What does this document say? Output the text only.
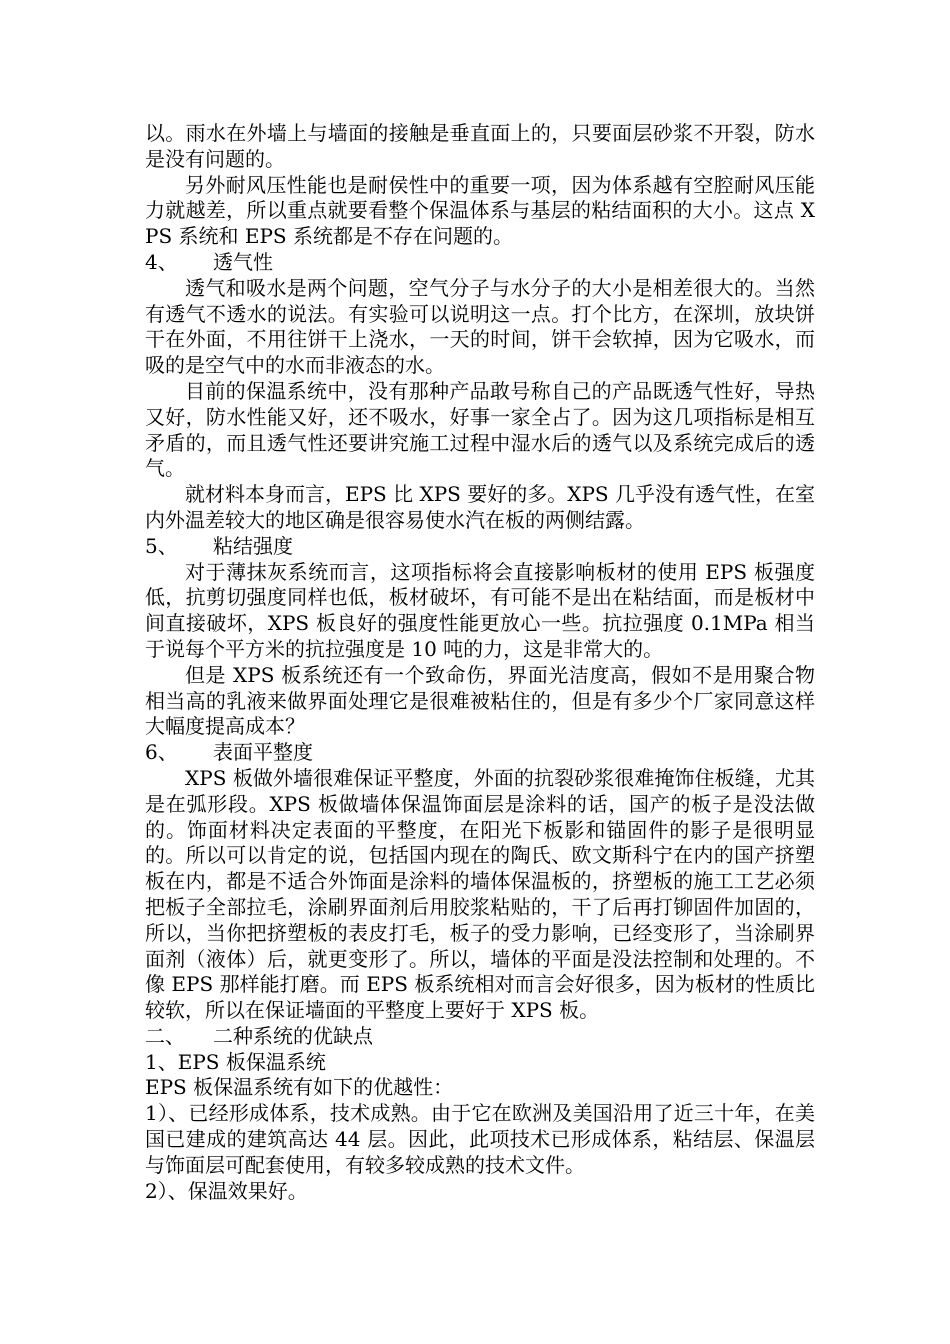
以。雨水在外墙上与墙面的接触是垂直面上的，只要面层砂浆不开裂，防水是没有问题的。

另外耐风压性能也是耐侯性中的重要一项，因为体系越有空腔耐风压能力就越差，所以重点就要看整个保温体系与基层的粘结面积的大小。这点 XPS 系统和 EPS 系统都是不存在问题的。

4、 透气性

透气和吸水是两个问题，空气分子与水分子的大小是相差很大的。当然有透气不透水的说法。有实验可以说明这一点。打个比方，在深圳，放块饼干在外面，不用往饼干上浇水，一天的时间，饼干会软掉，因为它吸水，而吸的是空气中的水而非液态的水。

目前的保温系统中，没有那种产品敢号称自己的产品既透气性好，导热又好，防水性能又好，还不吸水，好事一家全占了。因为这几项指标是相互矛盾的，而且透气性还要讲究施工过程中湿水后的透气以及系统完成后的透气。

就材料本身而言，EPS 比 XPS 要好的多。XPS 几乎没有透气性，在室内外温差较大的地区确是很容易使水汽在板的两侧结露。

5、 粘结强度

对于薄抹灰系统而言，这项指标将会直接影响板材的使用 EPS 板强度低，抗剪切强度同样也低，板材破坏，有可能不是出在粘结面，而是板材中间直接破坏，XPS 板良好的强度性能更放心一些。抗拉强度 0.1MPa 相当于说每个平方米的抗拉强度是 10 吨的力，这是非常大的。

但是 XPS 板系统还有一个致命伤，界面光洁度高，假如不是用聚合物相当高的乳液来做界面处理它是很难被粘住的，但是有多少个厂家同意这样大幅度提高成本？

6、 表面平整度

XPS 板做外墙很难保证平整度，外面的抗裂砂浆很难掩饰住板缝，尤其是在弧形段。XPS 板做墙体保温饰面层是涂料的话，国产的板子是没法做的。饰面材料决定表面的平整度，在阳光下板影和锚固件的影子是很明显的。所以可以肯定的说，包括国内现在的陶氏、欧文斯科宁在内的国产挤塑板在内，都是不适合外饰面是涂料的墙体保温板的，挤塑板的施工工艺必须把板子全部拉毛，涂刷界面剂后用胶浆粘贴的，干了后再打铆固件加固的，所以，当你把挤塑板的表皮打毛，板子的受力影响，已经变形了，当涂刷界面剂（液体）后，就更变形了。所以，墙体的平面是没法控制和处理的。不像 EPS 那样能打磨。而 EPS 板系统相对而言会好很多，因为板材的性质比较软，所以在保证墙面的平整度上要好于 XPS 板。

二、 二种系统的优缺点

1、EPS 板保温系统

EPS 板保温系统有如下的优越性：

1）、已经形成体系，技术成熟。由于它在欧洲及美国沿用了近三十年，在美国已建成的建筑高达 44 层。因此，此项技术已形成体系，粘结层、保温层与饰面层可配套使用，有较多较成熟的技术文件。

2）、保温效果好。
